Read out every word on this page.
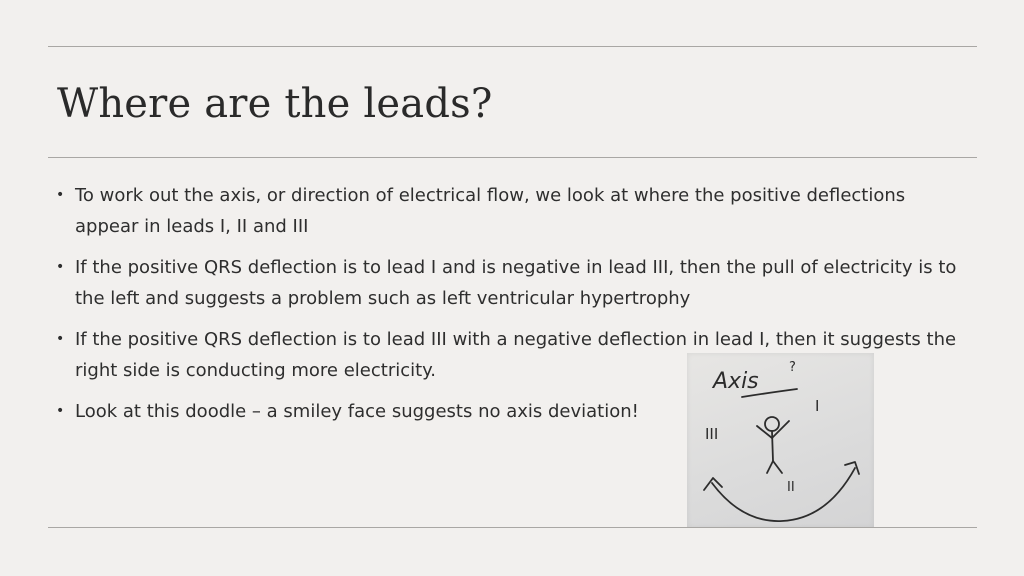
Where are the leads?
• To work out the axis, or direction of electrical flow, we look at where the positive deflections appear in leads I, II and III
• If the positive QRS deflection is to lead I and is negative in lead III, then the pull of electricity is to the left and suggests a problem such as left ventricular hypertrophy
• If the positive QRS deflection is to lead III with a negative deflection in lead I, then it suggests the right side is conducting more electricity.
• Look at this doodle – a smiley face suggests no axis deviation!
Axis
?
III
I
II
